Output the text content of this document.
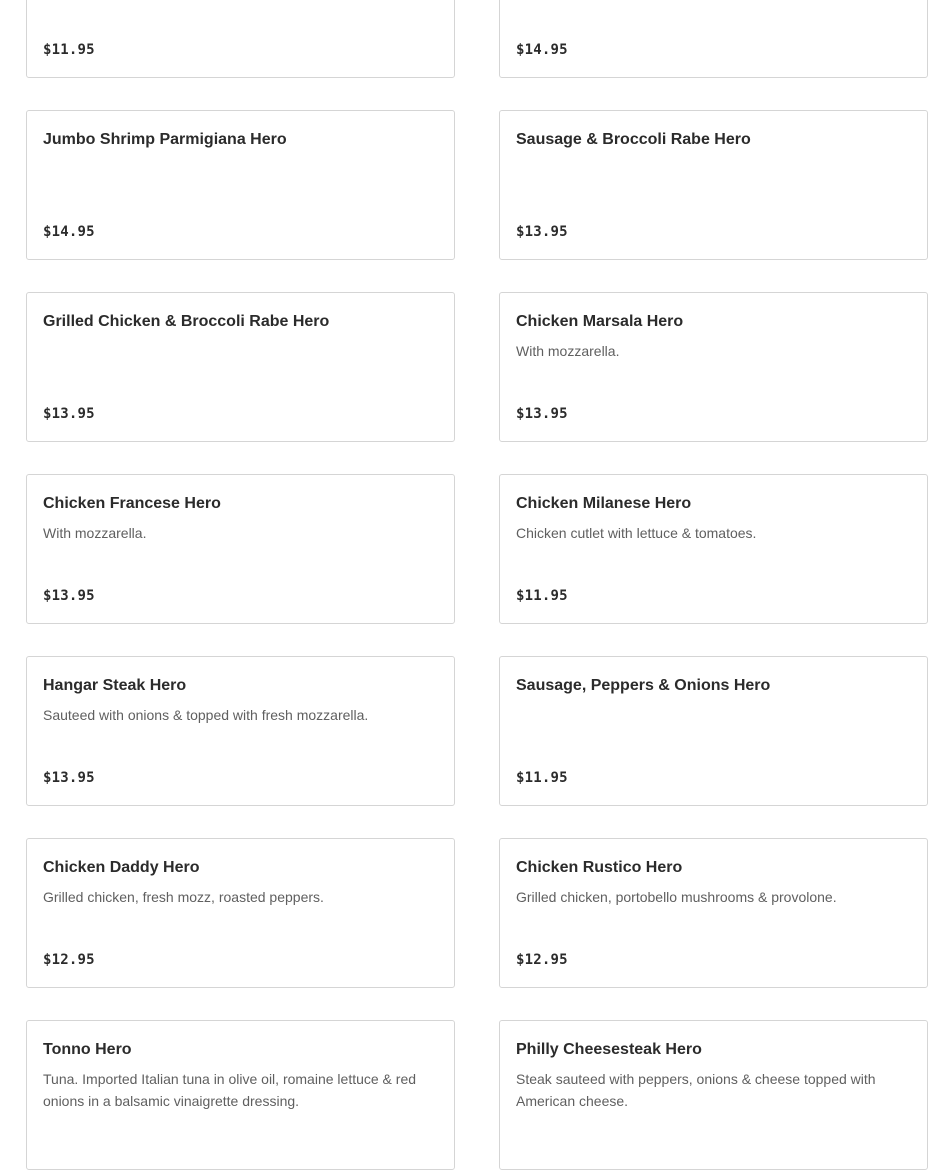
$11.95	$14.95
Jumbo Shrimp Parmigiana Hero
$14.95
Sausage & Broccoli Rabe Hero
$13.95
Grilled Chicken & Broccoli Rabe Hero
$13.95
Chicken Marsala Hero
With mozzarella.
$13.95
Chicken Francese Hero
With mozzarella.
$13.95
Chicken Milanese Hero
Chicken cutlet with lettuce & tomatoes.
$11.95
Hangar Steak Hero
Sauteed with onions & topped with fresh mozzarella.
$13.95
Sausage, Peppers & Onions Hero
$11.95
Chicken Daddy Hero
Grilled chicken, fresh mozz, roasted peppers.
$12.95
Chicken Rustico Hero
Grilled chicken, portobello mushrooms & provolone.
$12.95
Tonno Hero
Tuna. Imported Italian tuna in olive oil, romaine lettuce & red onions in a balsamic vinaigrette dressing.
Philly Cheesesteak Hero
Steak sauteed with peppers, onions & cheese topped with American cheese.
